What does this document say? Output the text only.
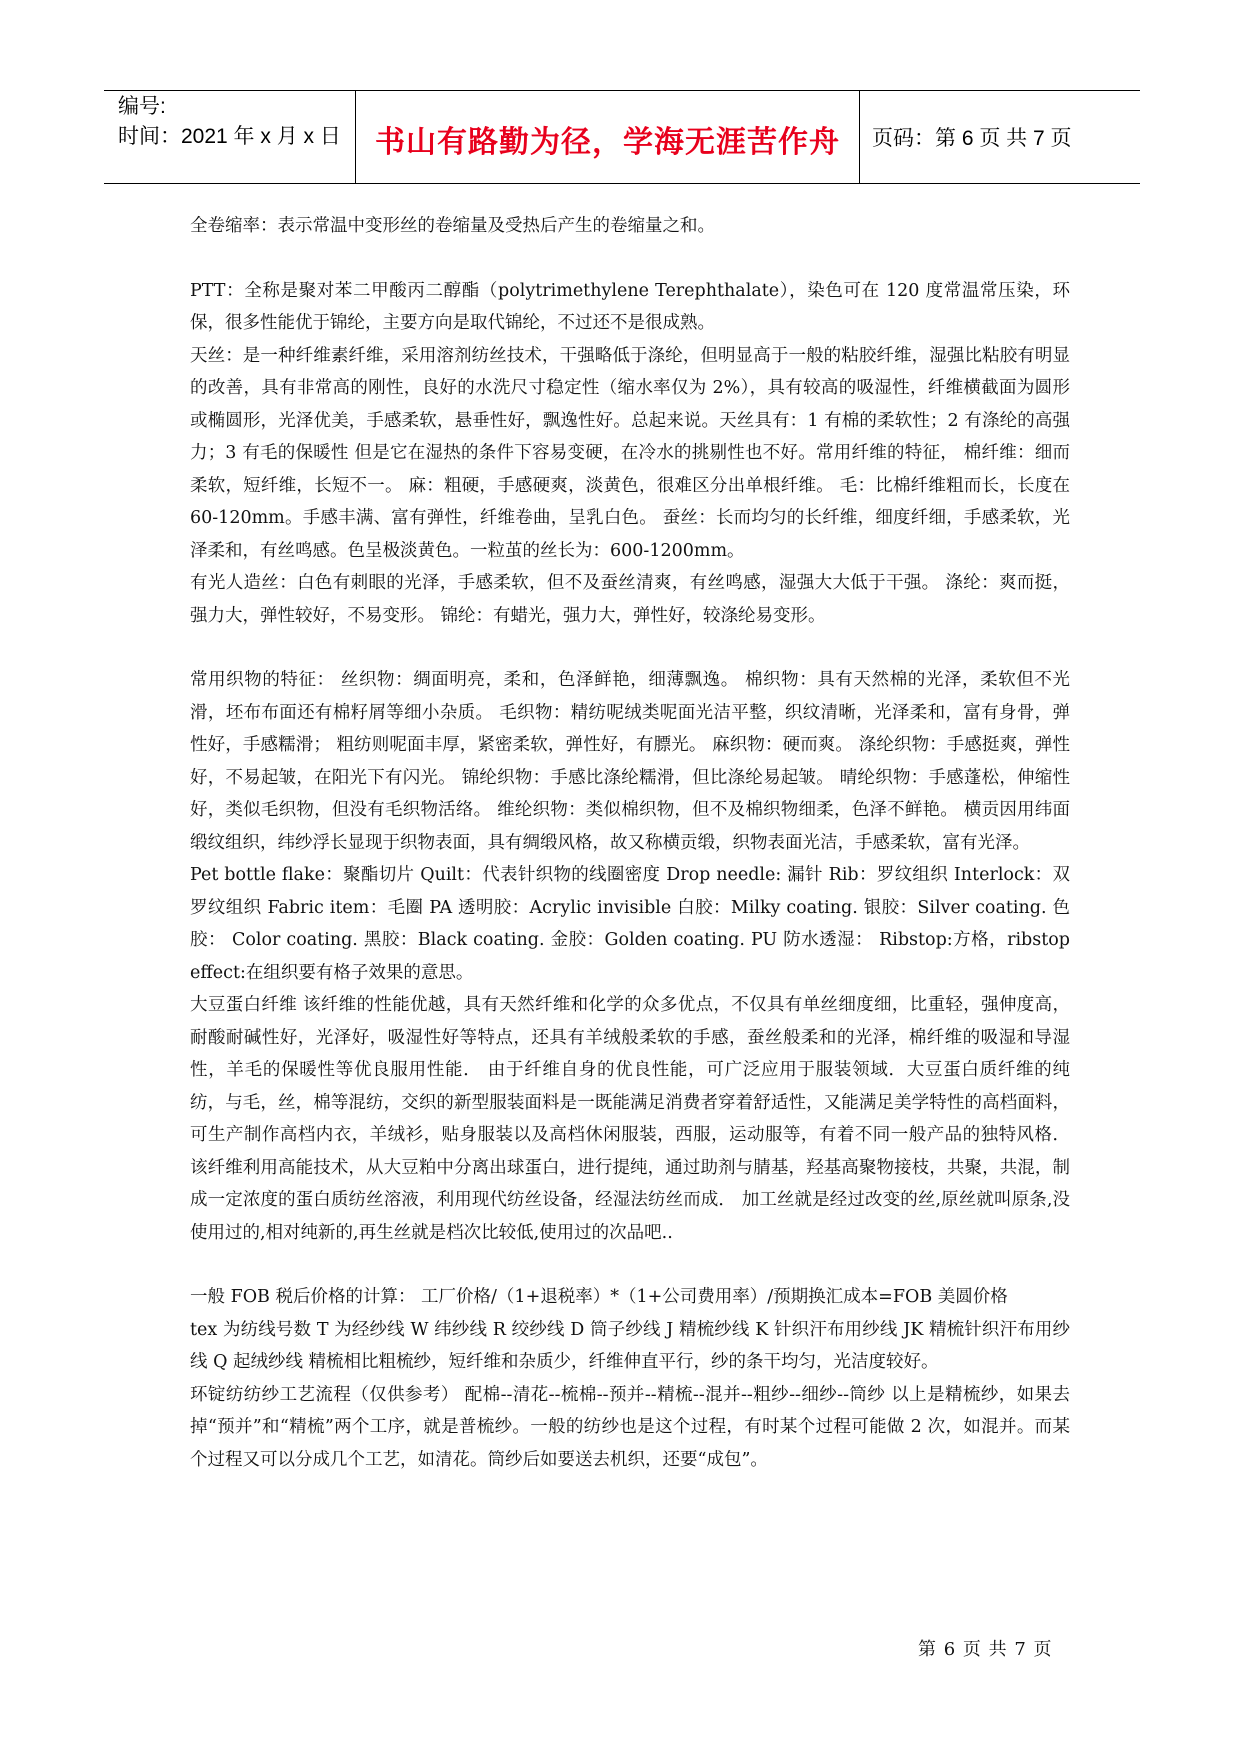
编号:
时间：2021 年 x 月 x 日	书山有路勤为径，学海无涯苦作舟	页码：第 6 页 共 7 页

全卷缩率：表示常温中变形丝的卷缩量及受热后产生的卷缩量之和。

PTT：全称是聚对苯二甲酸丙二醇酯（polytrimethylene Terephthalate），染色可在 120 度常温常压染，环保，很多性能优于锦纶，主要方向是取代锦纶，不过还不是很成熟。

天丝：是一种纤维素纤维，采用溶剂纺丝技术，干强略低于涤纶，但明显高于一般的粘胶纤维，湿强比粘胶有明显的改善，具有非常高的刚性，良好的水洗尺寸稳定性（缩水率仅为 2%），具有较高的吸湿性，纤维横截面为圆形或椭圆形，光泽优美，手感柔软，悬垂性好，飘逸性好。总起来说。天丝具有：1 有棉的柔软性；2 有涤纶的高强力；3 有毛的保暖性 但是它在湿热的条件下容易变硬，在冷水的挑剔性也不好。常用纤维的特征， 棉纤维：细而柔软，短纤维，长短不一。 麻：粗硬，手感硬爽，淡黄色，很难区分出单根纤维。 毛：比棉纤维粗而长，长度在 60-120mm。手感丰满、富有弹性，纤维卷曲，呈乳白色。 蚕丝：长而均匀的长纤维，细度纤细，手感柔软，光泽柔和，有丝鸣感。色呈极淡黄色。一粒茧的丝长为：600-1200mm。

有光人造丝：白色有刺眼的光泽，手感柔软，但不及蚕丝清爽，有丝鸣感，湿强大大低于干强。 涤纶：爽而挺，强力大，弹性较好，不易变形。 锦纶：有蜡光，强力大，弹性好，较涤纶易变形。

常用织物的特征： 丝织物：绸面明亮，柔和，色泽鲜艳，细薄飘逸。 棉织物：具有天然棉的光泽，柔软但不光滑，坯布布面还有棉籽屑等细小杂质。 毛织物：精纺呢绒类呢面光洁平整，织纹清晰，光泽柔和，富有身骨，弹性好，手感糯滑； 粗纺则呢面丰厚，紧密柔软，弹性好，有膘光。 麻织物：硬而爽。 涤纶织物：手感挺爽，弹性好，不易起皱，在阳光下有闪光。 锦纶织物：手感比涤纶糯滑，但比涤纶易起皱。 晴纶织物：手感蓬松，伸缩性好，类似毛织物，但没有毛织物活络。 维纶织物：类似棉织物，但不及棉织物细柔，色泽不鲜艳。 横贡因用纬面缎纹组织，纬纱浮长显现于织物表面，具有绸缎风格，故又称横贡缎，织物表面光洁，手感柔软，富有光泽。

Pet bottle flake：聚酯切片 Quilt：代表针织物的线圈密度 Drop needle: 漏针 Rib：罗纹组织 Interlock：双罗纹组织 Fabric item：毛圈 PA 透明胶：Acrylic invisible 白胶：Milky coating. 银胶：Silver coating. 色胶： Color coating. 黑胶：Black coating. 金胶：Golden coating. PU 防水透湿： Ribstop:方格，ribstop effect:在组织要有格子效果的意思。

大豆蛋白纤维 该纤维的性能优越，具有天然纤维和化学的众多优点，不仅具有单丝细度细，比重轻，强伸度高，耐酸耐碱性好，光泽好，吸湿性好等特点，还具有羊绒般柔软的手感，蚕丝般柔和的光泽，棉纤维的吸湿和导湿性，羊毛的保暖性等优良服用性能． 由于纤维自身的优良性能，可广泛应用于服装领域．大豆蛋白质纤维的纯纺，与毛，丝，棉等混纺，交织的新型服装面料是一既能满足消费者穿着舒适性，又能满足美学特性的高档面料，可生产制作高档内衣，羊绒衫，贴身服装以及高档休闲服装，西服，运动服等，有着不同一般产品的独特风格． 该纤维利用高能技术，从大豆粕中分离出球蛋白，进行提纯，通过助剂与腈基，羟基高聚物接枝，共聚，共混，制成一定浓度的蛋白质纺丝溶液，利用现代纺丝设备，经湿法纺丝而成． 加工丝就是经过改变的丝,原丝就叫原条,没使用过的,相对纯新的,再生丝就是档次比较低,使用过的次品吧..

一般 FOB 税后价格的计算： 工厂价格/（1+退税率）*（1+公司费用率）/预期换汇成本=FOB 美圆价格

tex 为纺线号数 T 为经纱线 W 纬纱线 R 绞纱线 D 筒子纱线 J 精梳纱线 K 针织汗布用纱线 JK 精梳针织汗布用纱线 Q 起绒纱线 精梳相比粗梳纱，短纤维和杂质少，纤维伸直平行，纱的条干均匀，光洁度较好。

环锭纺纺纱工艺流程（仅供参考） 配棉--清花--梳棉--预并--精梳--混并--粗纱--细纱--筒纱 以上是精梳纱，如果去掉“预并”和“精梳”两个工序，就是普梳纱。一般的纺纱也是这个过程，有时某个过程可能做 2 次，如混并。而某个过程又可以分成几个工艺，如清花。筒纱后如要送去机织，还要“成包”。

第 6 页 共 7 页
